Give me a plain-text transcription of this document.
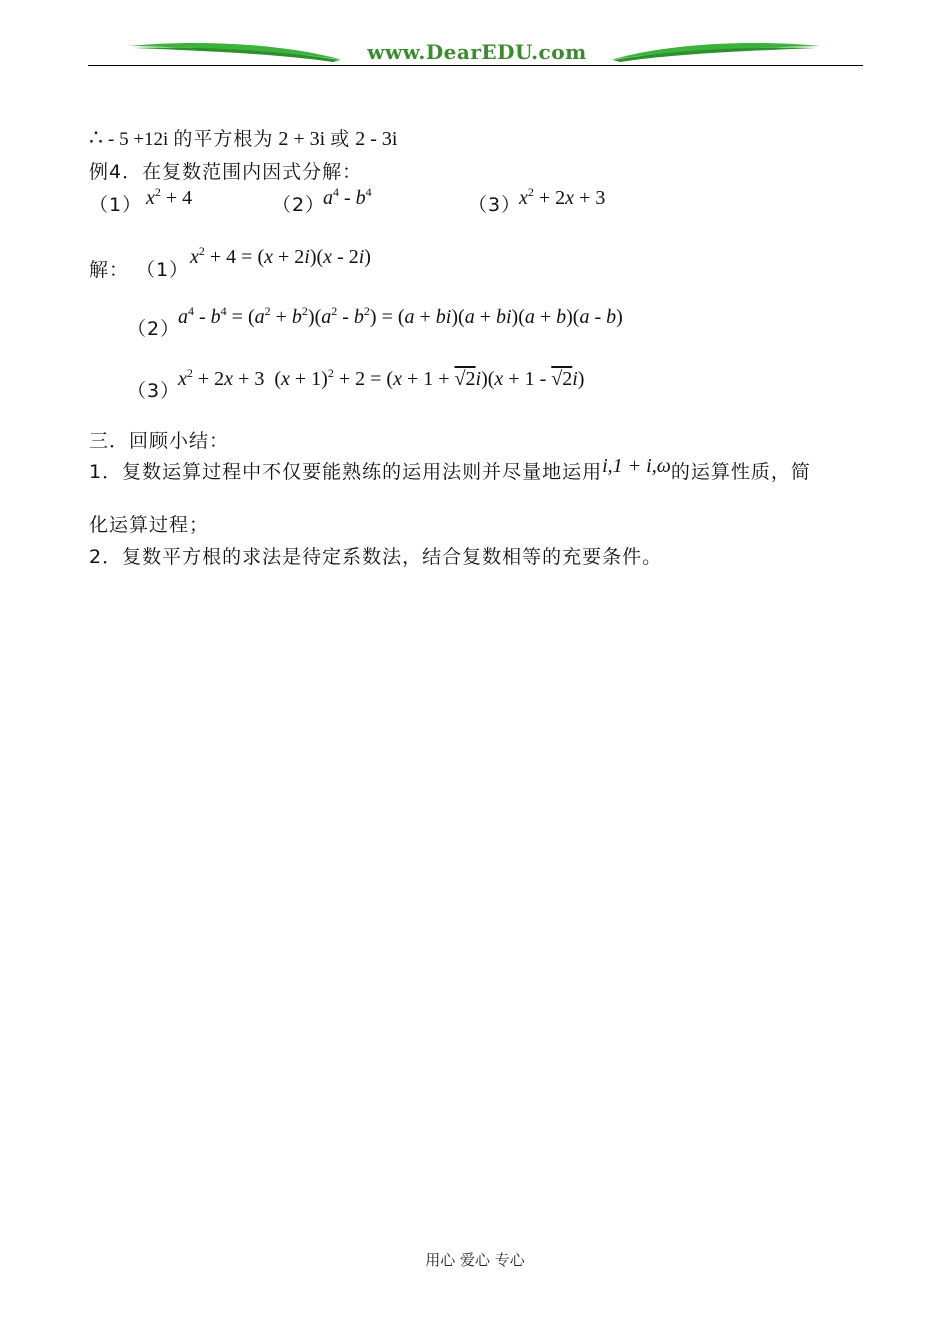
www.DearEDU.com
∴ - 5 +12i 的平方根为 2 + 3i 或 2 - 3i
例4．在复数范围内因式分解：
（1） $x^2 + 4$	（2）
$a^4 - b^4$
（3）
$x^2 + 2x + 3$
解： （1）
$x^2 + 4 = (x + 2i)(x - 2i)$
（2）
$a^4 - b^4 = (a^2 + b^2)(a^2 - b^2) = (a + bi)(a + bi)(a + b)(a - b)$
（3）
$x^2 + 2x + 3$  $(x + 1)^2 + 2 = (x + 1 + √2i)(x + 1 - √2i)$
三．回顾小结：
1．复数运算过程中不仅要能熟练的运用法则并尽量地运用i,1 + i,ω的运算性质，简
化运算过程；
2．复数平方根的求法是待定系数法，结合复数相等的充要条件。
用心 爱心 专心
